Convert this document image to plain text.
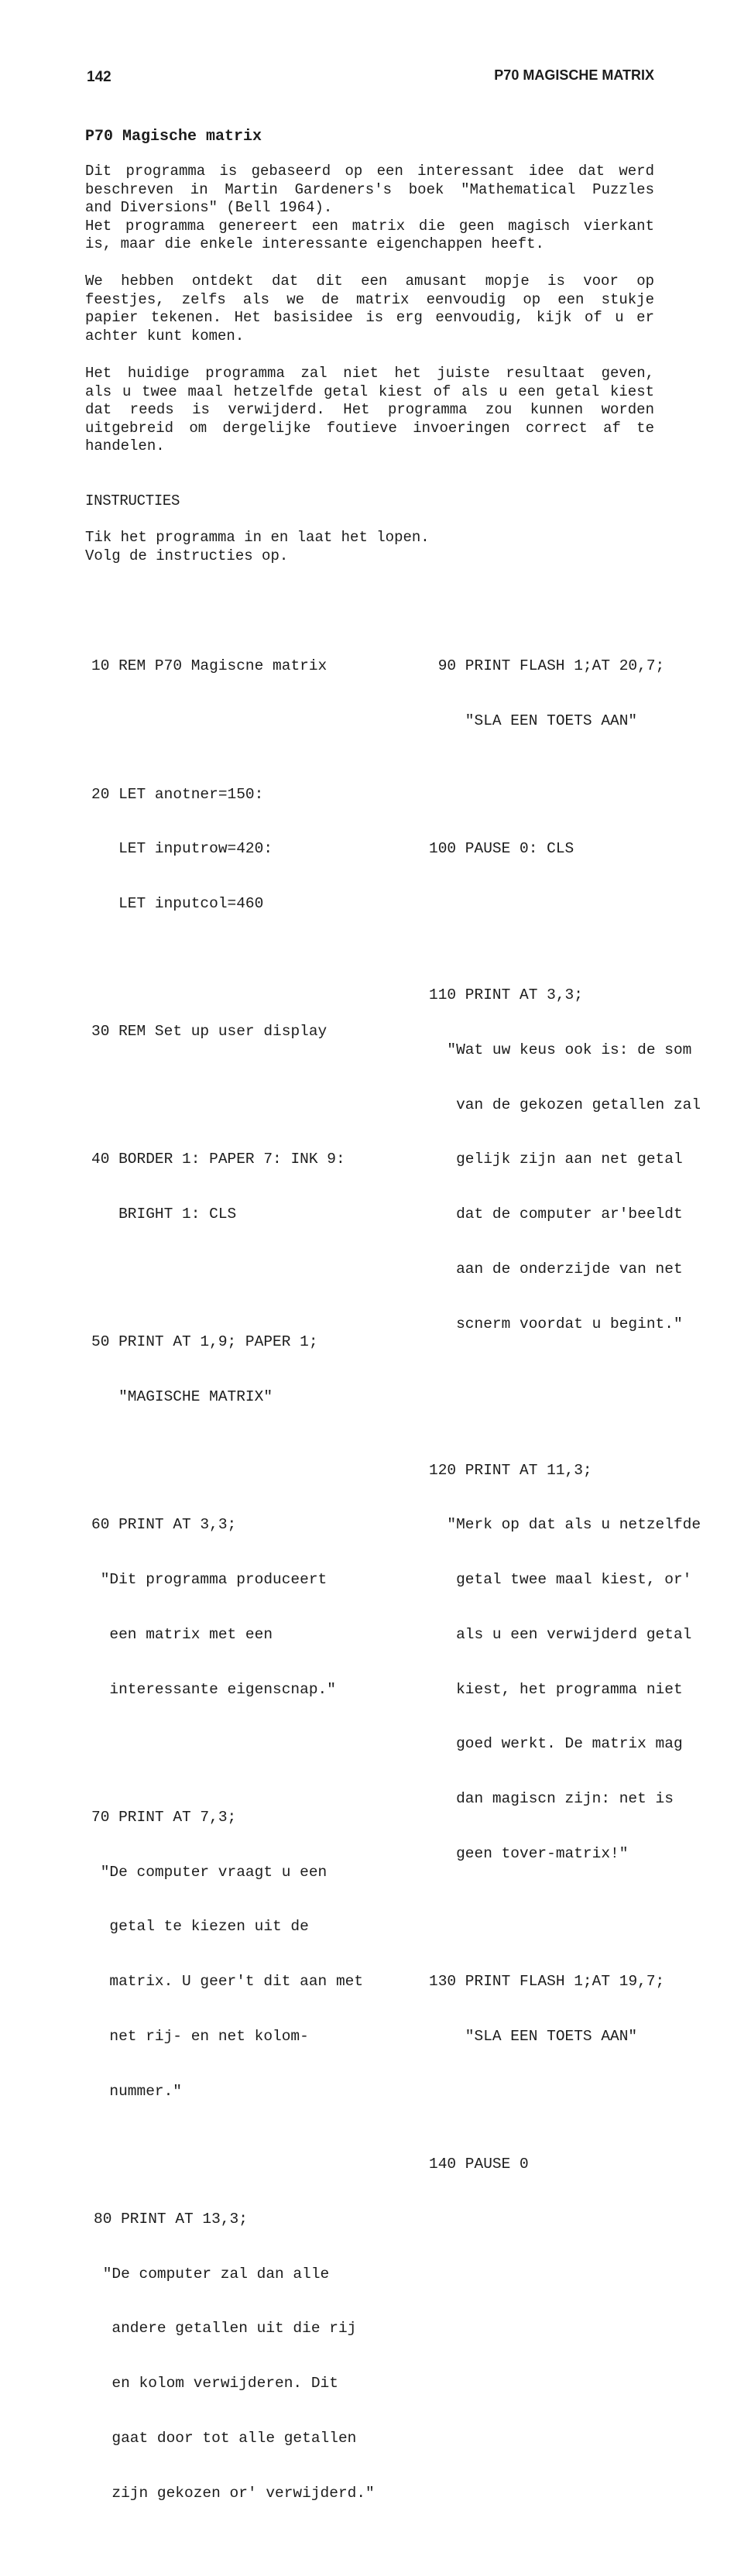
142	P70 MAGISCHE MATRIX
P70 Magische matrix
Dit programma is gebaseerd op een interessant idee dat werd
beschreven in Martin Gardeners's boek "Mathematical Puzzles
and Diversions" (Bell 1964).
Het programma genereert een matrix die geen magisch vierkant
is, maar die enkele interessante eigenchappen heeft.
We hebben ontdekt dat dit een amusant mopje is voor op
feestjes, zelfs als we de matrix eenvoudig op een stukje
papier tekenen. Het basisidee is erg eenvoudig, kijk of u er
achter kunt komen.
Het huidige programma zal niet het juiste resultaat geven,
als u twee maal hetzelfde getal kiest of als u een getal kiest
dat reeds is verwijderd. Het programma zou kunnen worden
uitgebreid om dergelijke foutieve invoeringen correct af te
handelen.
INSTRUCTIES
Tik het programma in en laat het lopen.
Volg de instructies op.

10 REM P70 Magiscne matrix

20 LET anotner=150:

LET inputrow=420:

LET inputcol=460

30 REM Set up user display

40 BORDER 1: PAPER 7: INK 9:

BRIGHT 1: CLS

50 PRINT AT 1,9; PAPER 1;

"MAGISCHE MATRIX"

60 PRINT AT 3,3;

"Dit programma produceert

een matrix met een

interessante eigenscnap."

70 PRINT AT 7,3;

"De computer vraagt u een

getal te kiezen uit de

matrix. U geer't dit aan met

net rij- en net kolom-

nummer."

80 PRINT AT 13,3;

"De computer zal dan alle

andere getallen uit die rij

en kolom verwijderen. Dit

gaat door tot alle getallen

zijn gekozen or' verwijderd."

90 PRINT FLASH 1;AT 20,7;

"SLA EEN TOETS AAN"

100 PAUSE 0: CLS

110 PRINT AT 3,3;

"Wat uw keus ook is: de som

van de gekozen getallen zal

gelijk zijn aan net getal

dat de computer ar'beeldt

aan de onderzijde van net

scnerm voordat u begint."

120 PRINT AT 11,3;

"Merk op dat als u netzelfde

getal twee maal kiest, or'

als u een verwijderd getal

kiest, het programma niet

goed werkt. De matrix mag

dan magiscn zijn: net is

geen tover-matrix!"

130 PRINT FLASH 1;AT 19,7;

"SLA EEN TOETS AAN"

140 PAUSE 0
